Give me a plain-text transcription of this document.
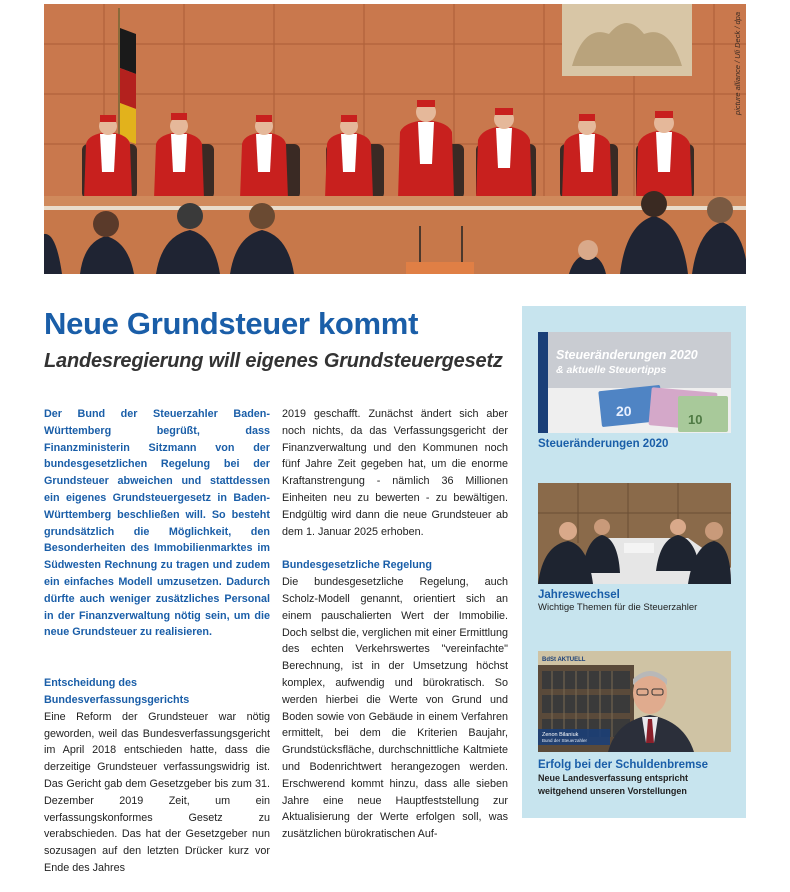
picture alliance / Uli Deck / dpa
Neue Grundsteuer kommt
Landesregierung will eigenes Grundsteuergesetz

Der Bund der Steuerzahler Baden-Württemberg begrüßt, dass Finanzministerin Sitzmann von der bundesgesetzlichen Regelung bei der Grundsteuer abweichen und stattdessen ein eigenes Grundsteuergesetz in Baden-Württemberg beschließen will. So besteht grundsätzlich die Möglichkeit, den Besonderheiten des Immobilienmarktes im Südwesten Rechnung zu tragen und zudem ein einfaches Modell umzusetzen. Dadurch dürfte auch weniger zusätzliches Personal in der Finanzverwaltung nötig sein, um die neue Grundsteuer zu realisieren.

Entscheidung des Bundesverfassungsgerichts

Eine Reform der Grundsteuer war nötig geworden, weil das Bundesverfassungsgericht im April 2018 entschieden hatte, dass die derzeitige Grundsteuer verfassungswidrig ist. Das Gericht gab dem Gesetzgeber bis zum 31. Dezember 2019 Zeit, um ein verfassungskonformes Gesetz zu verabschieden. Das hat der Gesetzgeber nun sozusagen auf den letzten Drücker kurz vor Ende des Jahres

2019 geschafft. Zunächst ändert sich aber noch nichts, da das Verfassungsgericht der Finanzverwaltung und den Kommunen noch fünf Jahre Zeit gegeben hat, um die enorme Kraftanstrengung - nämlich 36 Millionen Einheiten neu zu bewerten - zu bewältigen. Endgültig wird dann die neue Grundsteuer ab dem 1. Januar 2025 erhoben.

Bundesgesetzliche Regelung

Die bundesgesetzliche Regelung, auch Scholz-Modell genannt, orientiert sich an einem pauschalierten Wert der Immobilie. Doch selbst die, verglichen mit einer Ermittlung des echten Verkehrswertes "vereinfachte" Berechnung, ist in der Umsetzung höchst komplex, aufwendig und bürokratisch. So werden hierbei die Werte von Grund und Boden sowie von Gebäude in einem Verfahren ermittelt, bei dem die Kriterien Baujahr, Grundstücksfläche, durchschnittliche Kaltmiete und Bodenrichtwert herangezogen werden. Erschwerend kommt hinzu, dass alle sieben Jahre eine neue Hauptfeststellung zur Aktualisierung der Werte erfolgen soll, was zusätzlichen bürokratischen Auf-

Steueränderungen 2020
& aktuelle Steuertipps
20
10

Steueränderungen 2020

Jahreswechsel

Wichtige Themen für die Steuerzahler

BdSt AKTUELL
Zenon Bilaniuk
Bund der Steuerzahler

Erfolg bei der Schuldenbremse

Neue Landesverfassung entspricht weitgehend unseren Vorstellungen
